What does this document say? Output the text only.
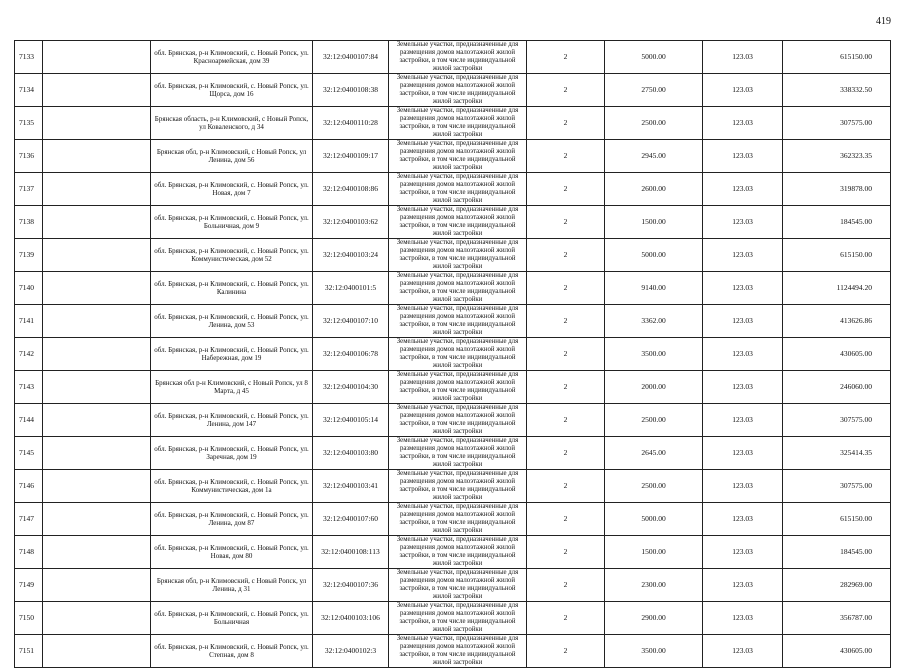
419
7133		обл. Брянская, р-н Климовский, с. Новый Ропск, ул. Красноармейская, дом 39	32:12:0400107:84	Земельные участки, предназначенные для размещения домов малоэтажной жилой застройки, в том числе индивидуальной жилой застройки	2	5000.00	123.03	615150.00
7134		обл. Брянская, р-н Климовский, с. Новый Ропск, ул. Щорса, дом 16	32:12:0400108:38	Земельные участки, предназначенные для размещения домов малоэтажной жилой застройки, в том числе индивидуальной жилой застройки	2	2750.00	123.03	338332.50
7135		Брянская область, р-н Климовский, с Новый Ропск, ул Коваленского, д 34	32:12:0400110:28	Земельные участки, предназначенные для размещения домов малоэтажной жилой застройки, в том числе индивидуальной жилой застройки	2	2500.00	123.03	307575.00
7136		Брянская обл, р-н Климовский, с Новый Ропск, ул Ленина, дом 56	32:12:0400109:17	Земельные участки, предназначенные для размещения домов малоэтажной жилой застройки, в том числе индивидуальной жилой застройки	2	2945.00	123.03	362323.35
7137		обл. Брянская, р-н Климовский, с. Новый Ропск, ул. Новая, дом 7	32:12:0400108:86	Земельные участки, предназначенные для размещения домов малоэтажной жилой застройки, в том числе индивидуальной жилой застройки	2	2600.00	123.03	319878.00
7138		обл. Брянская, р-н Климовский, с. Новый Ропск, ул. Больничная, дом 9	32:12:0400103:62	Земельные участки, предназначенные для размещения домов малоэтажной жилой застройки, в том числе индивидуальной жилой застройки	2	1500.00	123.03	184545.00
7139		обл. Брянская, р-н Климовский, с. Новый Ропск, ул. Коммунистическая, дом 52	32:12:0400103:24	Земельные участки, предназначенные для размещения домов малоэтажной жилой застройки, в том числе индивидуальной жилой застройки	2	5000.00	123.03	615150.00
7140		обл. Брянская, р-н Климовский, с. Новый Ропск, ул. Калинина	32:12:0400101:5	Земельные участки, предназначенные для размещения домов малоэтажной жилой застройки, в том числе индивидуальной жилой застройки	2	9140.00	123.03	1124494.20
7141		обл. Брянская, р-н Климовский, с. Новый Ропск, ул. Ленина, дом 53	32:12:0400107:10	Земельные участки, предназначенные для размещения домов малоэтажной жилой застройки, в том числе индивидуальной жилой застройки	2	3362.00	123.03	413626.86
7142		обл. Брянская, р-н Климовский, с. Новый Ропск, ул. Набережная, дом 19	32:12:0400106:78	Земельные участки, предназначенные для размещения домов малоэтажной жилой застройки, в том числе индивидуальной жилой застройки	2	3500.00	123.03	430605.00
7143		Брянская обл р-н Климовский, с Новый Ропск, ул 8 Марта, д 45	32:12:0400104:30	Земельные участки, предназначенные для размещения домов малоэтажной жилой застройки, в том числе индивидуальной жилой застройки	2	2000.00	123.03	246060.00
7144		обл. Брянская, р-н Климовский, с. Новый Ропск, ул. Ленина, дом 147	32:12:0400105:14	Земельные участки, предназначенные для размещения домов малоэтажной жилой застройки, в том числе индивидуальной жилой застройки	2	2500.00	123.03	307575.00
7145		обл. Брянская, р-н Климовский, с. Новый Ропск, ул. Заречная, дом 19	32:12:0400103:80	Земельные участки, предназначенные для размещения домов малоэтажной жилой застройки, в том числе индивидуальной жилой застройки	2	2645.00	123.03	325414.35
7146		обл. Брянская, р-н Климовский, с. Новый Ропск, ул. Коммунистическая, дом 1а	32:12:0400103:41	Земельные участки, предназначенные для размещения домов малоэтажной жилой застройки, в том числе индивидуальной жилой застройки	2	2500.00	123.03	307575.00
7147		обл. Брянская, р-н Климовский, с. Новый Ропск, ул. Ленина, дом 87	32:12:0400107:60	Земельные участки, предназначенные для размещения домов малоэтажной жилой застройки, в том числе индивидуальной жилой застройки	2	5000.00	123.03	615150.00
7148		обл. Брянская, р-н Климовский, с. Новый Ропск, ул. Новая, дом 80	32:12:0400108:113	Земельные участки, предназначенные для размещения домов малоэтажной жилой застройки, в том числе индивидуальной жилой застройки	2	1500.00	123.03	184545.00
7149		Брянская обл, р-н Климовский, с Новый Ропск, ул Ленина, д 31	32:12:0400107:36	Земельные участки, предназначенные для размещения домов малоэтажной жилой застройки, в том числе индивидуальной жилой застройки	2	2300.00	123.03	282969.00
7150		обл. Брянская, р-н Климовский, с. Новый Ропск, ул. Больничная	32:12:0400103:106	Земельные участки, предназначенные для размещения домов малоэтажной жилой застройки, в том числе индивидуальной жилой застройки	2	2900.00	123.03	356787.00
7151		обл. Брянская, р-н Климовский, с. Новый Ропск, ул. Степная, дом 8	32:12:0400102:3	Земельные участки, предназначенные для размещения домов малоэтажной жилой застройки, в том числе индивидуальной жилой застройки	2	3500.00	123.03	430605.00
